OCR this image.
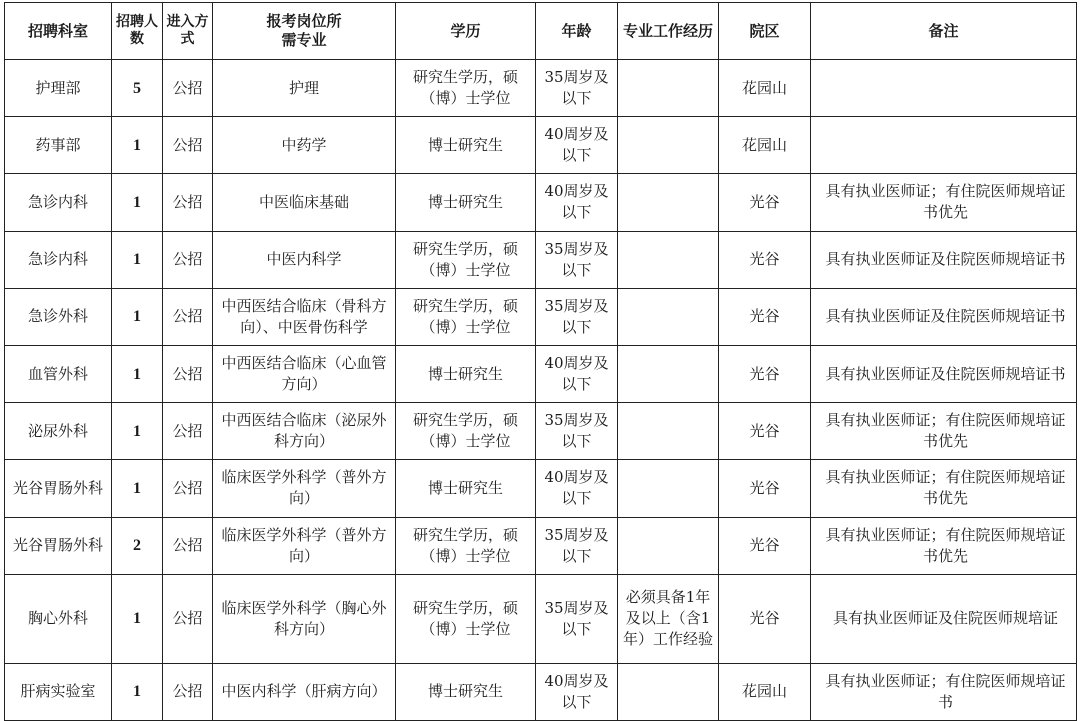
招聘科室	招聘人数	进入方式	报考岗位所需专业	学历	年龄	专业工作经历	院区	备注
护理部	5	公招	护理	研究生学历，硕（博）士学位	35周岁及以下		花园山	
药事部	1	公招	中药学	博士研究生	40周岁及以下		花园山	
急诊内科	1	公招	中医临床基础	博士研究生	40周岁及以下		光谷	具有执业医师证；有住院医师规培证书优先
急诊内科	1	公招	中医内科学	研究生学历，硕（博）士学位	35周岁及以下		光谷	具有执业医师证及住院医师规培证书
急诊外科	1	公招	中西医结合临床（骨科方向）、中医骨伤科学	研究生学历，硕（博）士学位	35周岁及以下		光谷	具有执业医师证及住院医师规培证书
血管外科	1	公招	中西医结合临床（心血管方向）	博士研究生	40周岁及以下		光谷	具有执业医师证及住院医师规培证书
泌尿外科	1	公招	中西医结合临床（泌尿外科方向）	研究生学历，硕（博）士学位	35周岁及以下		光谷	具有执业医师证；有住院医师规培证书优先
光谷胃肠外科	1	公招	临床医学外科学（普外方向）	博士研究生	40周岁及以下		光谷	具有执业医师证；有住院医师规培证书优先
光谷胃肠外科	2	公招	临床医学外科学（普外方向）	研究生学历，硕（博）士学位	35周岁及以下		光谷	具有执业医师证；有住院医师规培证书优先
胸心外科	1	公招	临床医学外科学（胸心外科方向）	研究生学历，硕（博）士学位	35周岁及以下	必须具备1年及以上（含1年）工作经验	光谷	具有执业医师证及住院医师规培证
肝病实验室	1	公招	中医内科学（肝病方向）	博士研究生	40周岁及以下		花园山	具有执业医师证；有住院医师规培证书
